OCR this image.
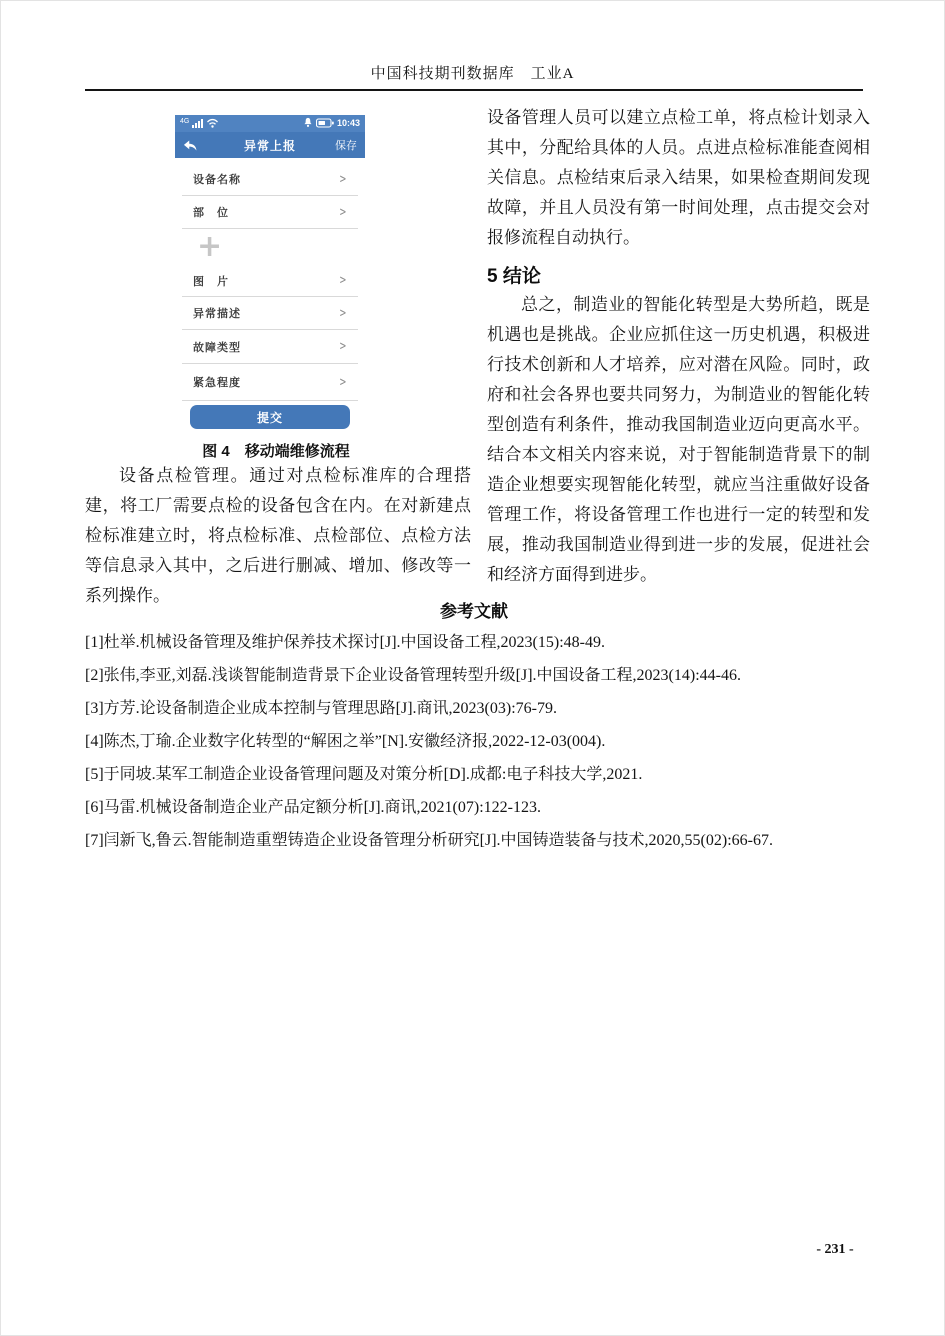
中国科技期刊数据库　工业A
4G	10:43
异常上报	保存
设备名称	>
部　位	>
+
图　片	>
异常描述	>
故障类型	>
紧急程度	>
提交
图 4　移动端维修流程
设备点检管理。通过对点检标准库的合理搭建，将工厂需要点检的设备包含在内。在对新建点检标准建立时，将点检标准、点检部位、点检方法等信息录入其中，之后进行删减、增加、修改等一系列操作。
设备管理人员可以建立点检工单，将点检计划录入其中，分配给具体的人员。点进点检标准能查阅相关信息。点检结束后录入结果，如果检查期间发现故障，并且人员没有第一时间处理，点击提交会对报修流程自动执行。
5 结论
总之，制造业的智能化转型是大势所趋，既是机遇也是挑战。企业应抓住这一历史机遇，积极进行技术创新和人才培养，应对潜在风险。同时，政府和社会各界也要共同努力，为制造业的智能化转型创造有利条件，推动我国制造业迈向更高水平。结合本文相关内容来说，对于智能制造背景下的制造企业想要实现智能化转型，就应当注重做好设备管理工作，将设备管理工作也进行一定的转型和发展，推动我国制造业得到进一步的发展，促进社会和经济方面得到进步。
参考文献
[1]杜举.机械设备管理及维护保养技术探讨[J].中国设备工程,2023(15):48-49.
[2]张伟,李亚,刘磊.浅谈智能制造背景下企业设备管理转型升级[J].中国设备工程,2023(14):44-46.
[3]方芳.论设备制造企业成本控制与管理思路[J].商讯,2023(03):76-79.
[4]陈杰,丁瑜.企业数字化转型的“解困之举”[N].安徽经济报,2022-12-03(004).
[5]于同坡.某军工制造企业设备管理问题及对策分析[D].成都:电子科技大学,2021.
[6]马雷.机械设备制造企业产品定额分析[J].商讯,2021(07):122-123.
[7]闫新飞,鲁云.智能制造重塑铸造企业设备管理分析研究[J].中国铸造装备与技术,2020,55(02):66-67.
- 231 -
